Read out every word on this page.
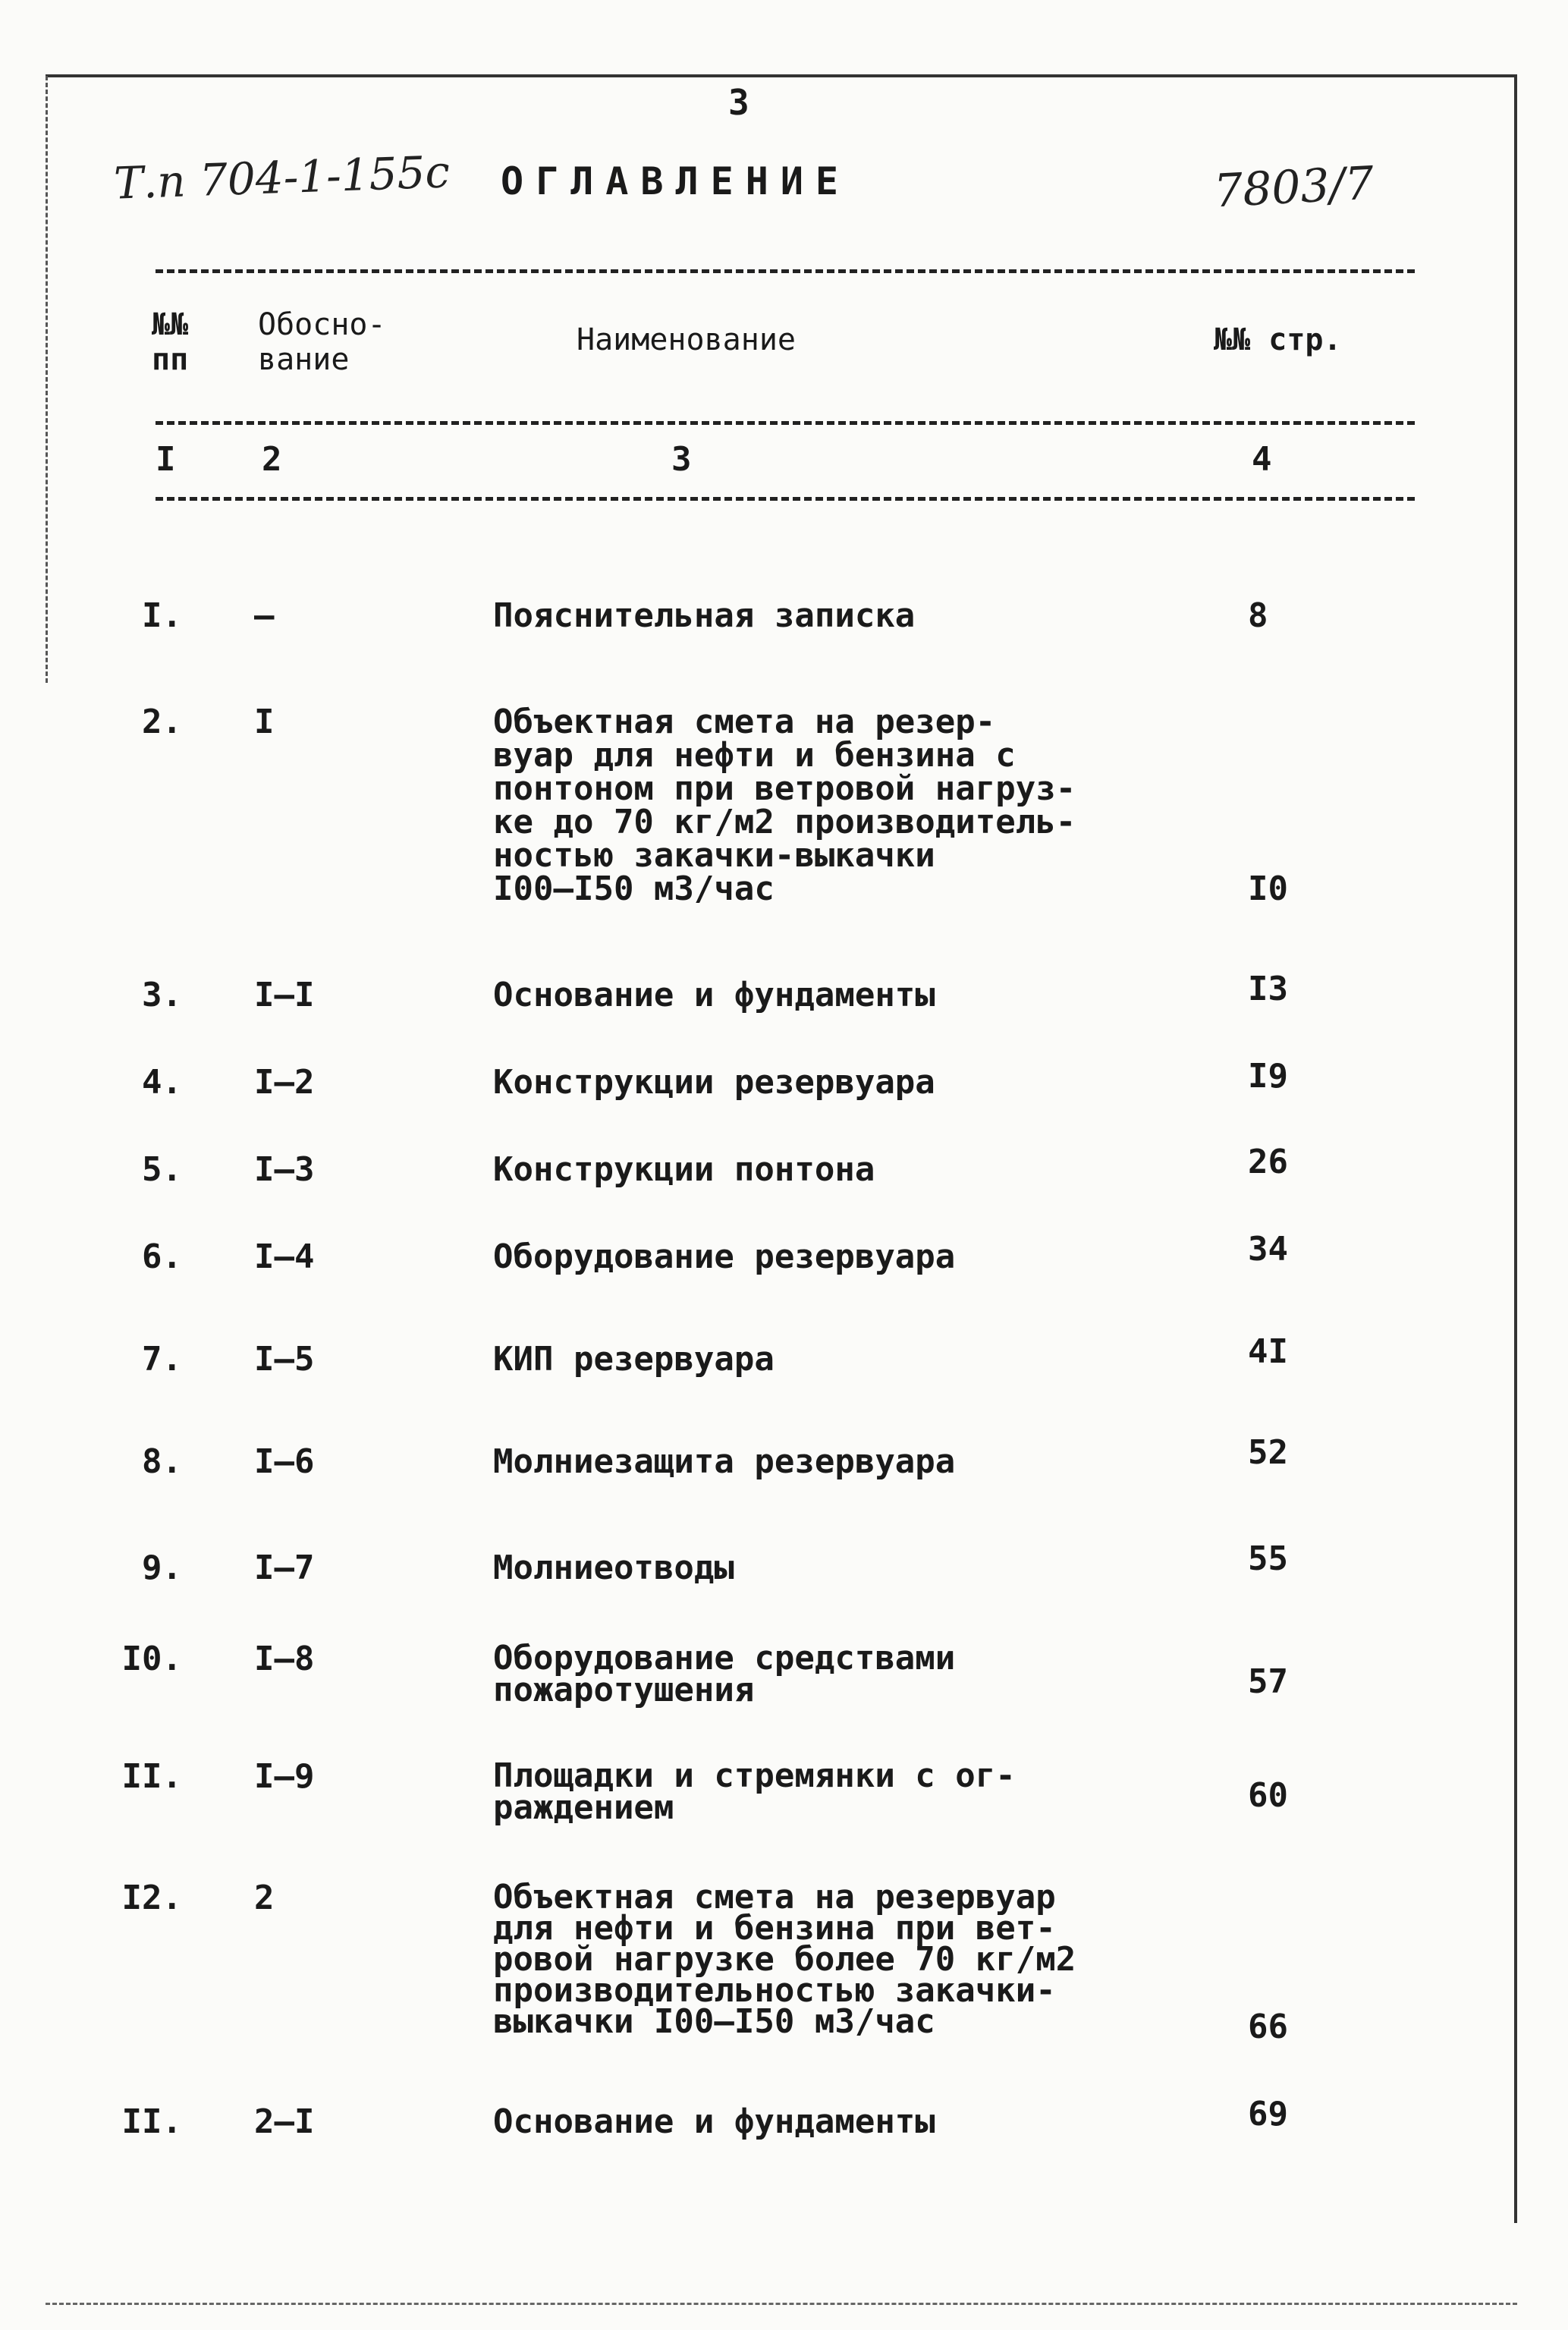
3
Т.п 704-1-155с ОГЛАВЛЕНИЕ	7803/7
№№
пп
Обосно-
вание
Наименование	№№ стр.
I	2	3	4
I. –	Пояснительная записка	8
2. I	Объектная смета на резер-
вуар для нефти и бензина с
понтоном при ветровой нагруз-
ке до 70 кг/м2 производитель-
ностью закачки-выкачки
I00–I50 м3/час	I0
3. I–I	Основание и фундаменты	I3
4. I–2	Конструкции резервуара	I9
5. I–3	Конструкции понтона	26
6. I–4	Оборудование резервуара	34
7. I–5	КИП резервуара	4I
8. I–6	Молниезащита резервуара	52
9. I–7	Молниеотводы	55
I0. I–8	Оборудование средствами
пожаротушения	57
II. I–9	Площадки и стремянки с ог-
раждением	60
I2. 2	Объектная смета на резервуар
для нефти и бензина при вет-
ровой нагрузке более 70 кг/м2
производительностью закачки-
выкачки I00–I50 м3/час	66
II. 2–I	Основание и фундаменты	69
